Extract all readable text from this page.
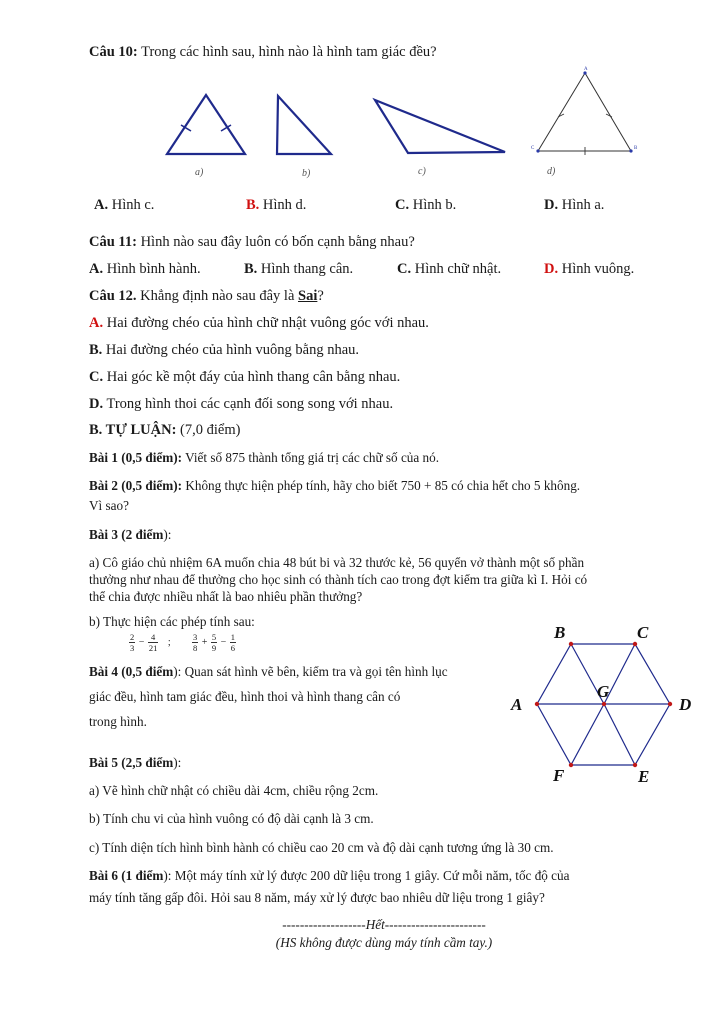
Câu 10: Trong các hình sau, hình nào là hình tam giác đều?
A
C	B
a)	b)	c)	d)
A. Hình c.	B. Hình d.	C. Hình b.	D. Hình a.
Câu 11: Hình nào sau đây luôn có bốn cạnh bằng nhau?
A. Hình bình hành.	B. Hình thang cân.	C. Hình chữ nhật.	D. Hình vuông.
Câu 12. Khẳng định nào sau đây là Sai?
A. Hai đường chéo của hình chữ nhật vuông góc với nhau.
B. Hai đường chéo của hình vuông bằng nhau.
C. Hai góc kề một đáy của hình thang cân bằng nhau.
D. Trong hình thoi các cạnh đối song song với nhau.
B. TỰ LUẬN: (7,0 điểm)
Bài 1 (0,5 điểm): Viết số 875 thành tổng giá trị các chữ số của nó.
Bài 2 (0,5 điểm): Không thực hiện phép tính, hãy cho biết 750 + 85 có chia hết cho 5 không.
Vì sao?
Bài 3 (2 điểm):
a) Cô giáo chủ nhiệm 6A muốn chia 48 bút bi và 32 thước kẻ, 56 quyển vở thành một số phần
thưởng như nhau để thưởng cho học sinh có thành tích cao trong đợt kiểm tra giữa kì I. Hỏi có
thể chia được nhiều nhất là bao nhiêu phần thưởng?
b) Thực hiện các phép tính sau:
$\frac{2}{3} - \frac{4}{21}$ ;	$\frac{3}{8} + \frac{5}{9} - \frac{1}{6}$
Bài 4 (0,5 điểm): Quan sát hình vẽ bên, kiểm tra và gọi tên hình lục
giác đều, hình tam giác đều, hình thoi và hình thang cân có
trong hình.
B	C
A
G
D
F	E
Bài 5 (2,5 điểm):
a) Vẽ hình chữ nhật có chiều dài 4cm, chiều rộng 2cm.
b) Tính chu vi của hình vuông có độ dài cạnh là 3 cm.
c) Tính diện tích hình bình hành có chiều cao 20 cm và độ dài cạnh tương ứng là 30 cm.
Bài 6 (1 điểm): Một máy tính xử lý được 200 dữ liệu trong 1 giây. Cứ mỗi năm, tốc độ của
máy tính tăng gấp đôi. Hỏi sau 8 năm, máy xử lý được bao nhiêu dữ liệu trong 1 giây?
-------------------Hết-----------------------
(HS không được dùng máy tính cầm tay.)
